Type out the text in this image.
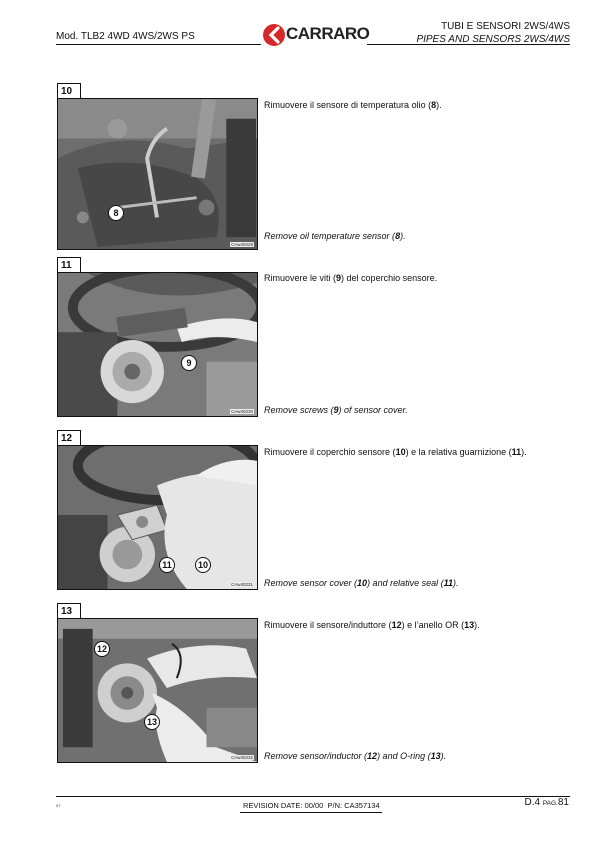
Mod. TLB2 4WD 4WS/2WS PS	CARRARO	TUBI E SENSORI 2WS/4WS
PIPES AND SENSORS 2WS/4WS
10
8
CAw40229
Rimuovere il sensore di temperatura olio (8).
Remove oil temperature sensor (8).
11
9
CAw40230
Rimuovere le viti (9) del coperchio sensore.
Remove screws (9) of sensor cover.
12
11	10
CAw40231
Rimuovere il coperchio sensore (10) e la relativa guarnizione (11).
Remove sensor cover (10) and relative seal (11).
13
12
13
CAw40232
Rimuovere il sensore/induttore (12) e l’anello OR (13).
Remove sensor/inductor (12) and O-ring (13).
07	REVISION DATE: 00/00 P/N: CA357134	D.4 PAG.81
